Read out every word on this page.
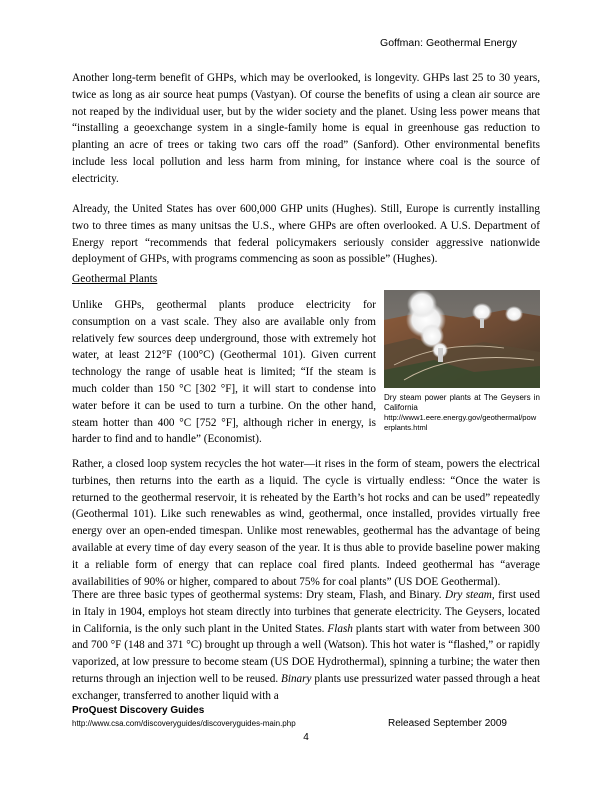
Goffman: Geothermal Energy

Another long-term benefit of GHPs, which may be overlooked, is longevity. GHPs last 25 to 30 years, twice as long as air source heat pumps (Vastyan). Of course the benefits of using a clean air source are not reaped by the individual user, but by the wider society and the planet. Using less power means that “installing a geoexchange system in a single-family home is equal in greenhouse gas reduction to planting an acre of trees or taking two cars off the road” (Sanford). Other environmental benefits include less local pollution and less harm from mining, for instance where coal is the source of electricity.

Already, the United States has over 600,000 GHP units (Hughes). Still, Europe is currently installing two to three times as many unitsas the U.S., where GHPs are often overlooked. A U.S. Department of Energy report “recommends that federal policymakers seriously consider aggressive nationwide deployment of GHPs, with programs commencing as soon as possible” (Hughes).

Geothermal Plants

Unlike GHPs, geothermal plants produce electricity for consumption on a vast scale. They also are available only from relatively few sources deep underground, those with extremely hot water, at least 212°F (100°C) (Geothermal 101). Given current technology the range of usable heat is limited; “If the steam is much colder than 150 °C [302 °F], it will start to condense into water before it can be used to turn a turbine. On the other hand, steam hotter than 400 °C [752 °F], although richer in energy, is harder to find and to handle” (Economist).

Dry steam power plants at The Geysers in California
http://www1.eere.energy.gov/geothermal/powerplants.html

Rather, a closed loop system recycles the hot water—it rises in the form of steam, powers the electrical turbines, then returns into the earth as a liquid. The cycle is virtually endless: “Once the water is returned to the geothermal reservoir, it is reheated by the Earth’s hot rocks and can be used” repeatedly (Geothermal 101). Like such renewables as wind, geothermal, once installed, provides virtually free energy over an open-ended timespan. Unlike most renewables, geothermal has the advantage of being available at every time of day every season of the year. It is thus able to provide baseline power making it a reliable form of energy that can replace coal fired plants. Indeed geothermal has “average availabilities of 90% or higher, compared to about 75% for coal plants” (US DOE Geothermal).

There are three basic types of geothermal systems: Dry steam, Flash, and Binary. Dry steam, first used in Italy in 1904, employs hot steam directly into turbines that generate electricity. The Geysers, located in California, is the only such plant in the United States. Flash plants start with water from between 300 and 700 °F (148 and 371 °C) brought up through a well (Watson). This hot water is “flashed,” or rapidly vaporized, at low pressure to become steam (US DOE Hydrothermal), spinning a turbine; the water then returns through an injection well to be reused. Binary plants use pressurized water passed through a heat exchanger, transferred to another liquid with a

ProQuest Discovery Guides
http://www.csa.com/discoveryguides/discoveryguides-main.php	Released September 2009
4
